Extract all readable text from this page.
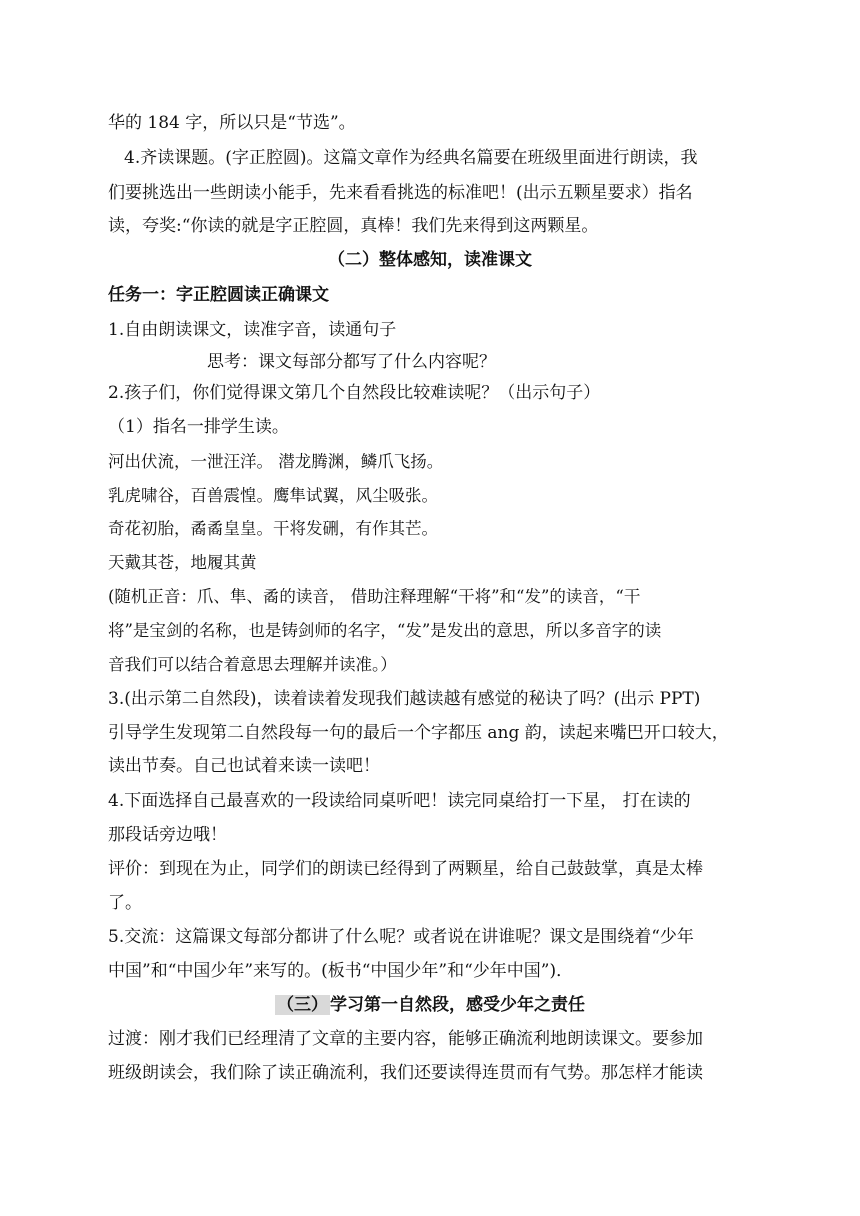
华的 184 字，所以只是“节选”。
4.齐读课题。(字正腔圆)。这篇文章作为经典名篇要在班级里面进行朗读，我
们要挑选出一些朗读小能手，先来看看挑选的标准吧！(出示五颗星要求）指名
读，夸奖:“你读的就是字正腔圆，真棒！我们先来得到这两颗星。
（二）整体感知，读准课文
任务一：字正腔圆读正确课文
1.自由朗读课文，读准字音，读通句子
思考：课文每部分都写了什么内容呢？
2.孩子们，你们觉得课文第几个自然段比较难读呢？（出示句子）
（1）指名一排学生读。
河出伏流，一泄汪洋。 潜龙腾渊，鳞爪飞扬。
乳虎啸谷，百兽震惶。鹰隼试翼，风尘吸张。
奇花初胎，矞矞皇皇。干将发硎，有作其芒。
天戴其苍，地履其黄
(随机正音：爪、隼、矞的读音， 借助注释理解“干将”和“发”的读音，“干
将”是宝剑的名称，也是铸剑师的名字，“发”是发出的意思，所以多音字的读
音我们可以结合着意思去理解并读准。）
3.(出示第二自然段)，读着读着发现我们越读越有感觉的秘诀了吗？(出示 PPT)
引导学生发现第二自然段每一句的最后一个字都压 ang 韵，读起来嘴巴开口较大，
读出节奏。自己也试着来读一读吧！
4.下面选择自己最喜欢的一段读给同桌听吧！读完同桌给打一下星， 打在读的
那段话旁边哦！
评价：到现在为止，同学们的朗读已经得到了两颗星，给自己鼓鼓掌，真是太棒
了。
5.交流：这篇课文每部分都讲了什么呢？或者说在讲谁呢？课文是围绕着“少年
中国”和“中国少年”来写的。(板书“中国少年”和“少年中国”)．
（三） 学习第一自然段，感受少年之责任
过渡：刚才我们已经理清了文章的主要内容，能够正确流利地朗读课文。要参加
班级朗读会，我们除了读正确流利，我们还要读得连贯而有气势。那怎样才能读
